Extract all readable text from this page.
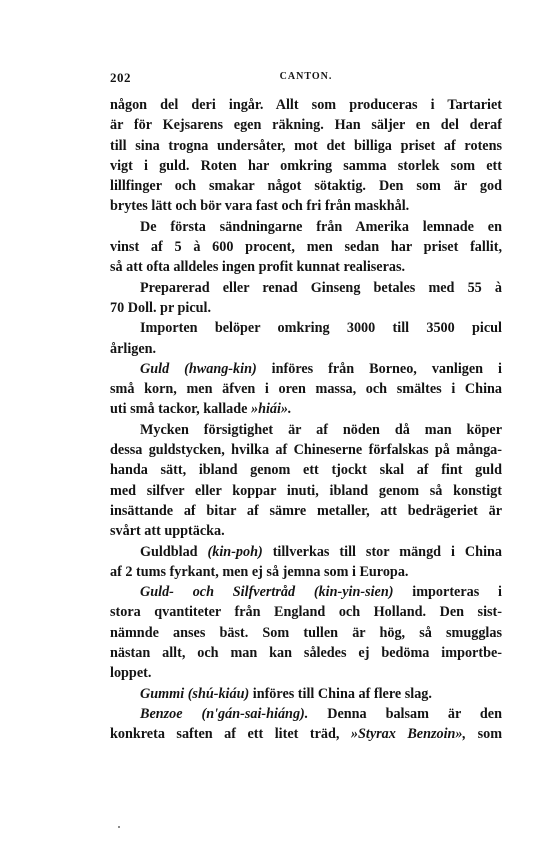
202	CANTON.
någon del deri ingår. Allt som produceras i Tartariet
är för Kejsarens egen räkning. Han säljer en del deraf
till sina trogna undersåter, mot det billiga priset af rotens
vigt i guld. Roten har omkring samma storlek som ett
lillfinger och smakar något sötaktig. Den som är god
brytes lätt och bör vara fast och fri från maskhål.
De första sändningarne från Amerika lemnade en
vinst af 5 à 600 procent, men sedan har priset fallit,
så att ofta alldeles ingen profit kunnat realiseras.
Preparerad eller renad Ginseng betales med 55 à
70 Doll. pr picul.
Importen belöper omkring 3000 till 3500 picul
årligen.
Guld (hwang-kin) införes från Borneo, vanligen i
små korn, men äfven i oren massa, och smältes i China
uti små tackor, kallade »hiái».
Mycken försigtighet är af nöden då man köper
dessa guldstycken, hvilka af Chineserne förfalskas på många-
handa sätt, ibland genom ett tjockt skal af fint guld
med silfver eller koppar inuti, ibland genom så konstigt
insättande af bitar af sämre metaller, att bedrägeriet är
svårt att upptäcka.
Guldblad (kin-poh) tillverkas till stor mängd i China
af 2 tums fyrkant, men ej så jemna som i Europa.
Guld- och Silfvertråd (kin-yin-sien) importeras i
stora qvantiteter från England och Holland. Den sist-
nämnde anses bäst. Som tullen är hög, så smugglas
nästan allt, och man kan således ej bedöma importbe-
loppet.
Gummi (shú-kiáu) införes till China af flere slag.
Benzoe (n'gán-sai-hiáng). Denna balsam är den
konkreta saften af ett litet träd, »Styrax Benzoin», som
